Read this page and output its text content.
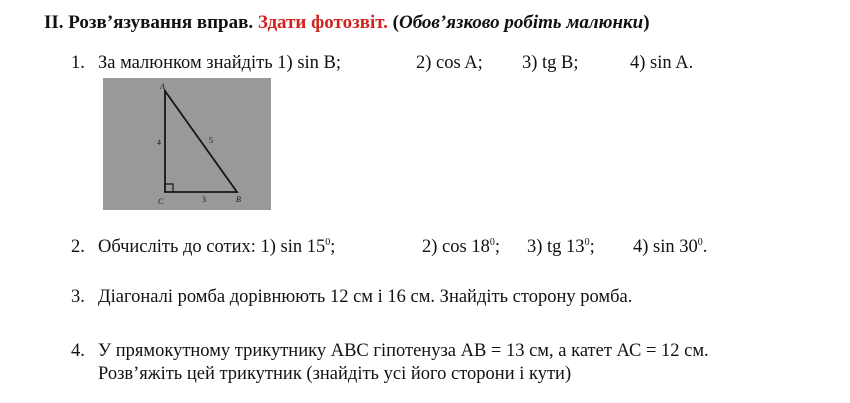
II. Розв’язування вправ. Здати фотозвіт. (Обов’язково робіть малюнки)
1. За малюнком знайдіть 1) sin B;	2) cos A; 3) tg B;	4) sin A.
A
B
C
4	5
3
2. Обчисліть до сотих: 1) $\sin 15^0$;	2) $\cos 18^0$; 3) tg $13^0$; 4) $\sin 30^0$.
3. Діагоналі ромба дорівнюють 12 см і 16 см. Знайдіть сторону ромба.
4. У прямокутному трикутнику АВС гіпотенуза АВ = 13 см, а катет АС = 12 см.
Розв’яжіть цей трикутник (знайдіть усі його сторони і кути)
